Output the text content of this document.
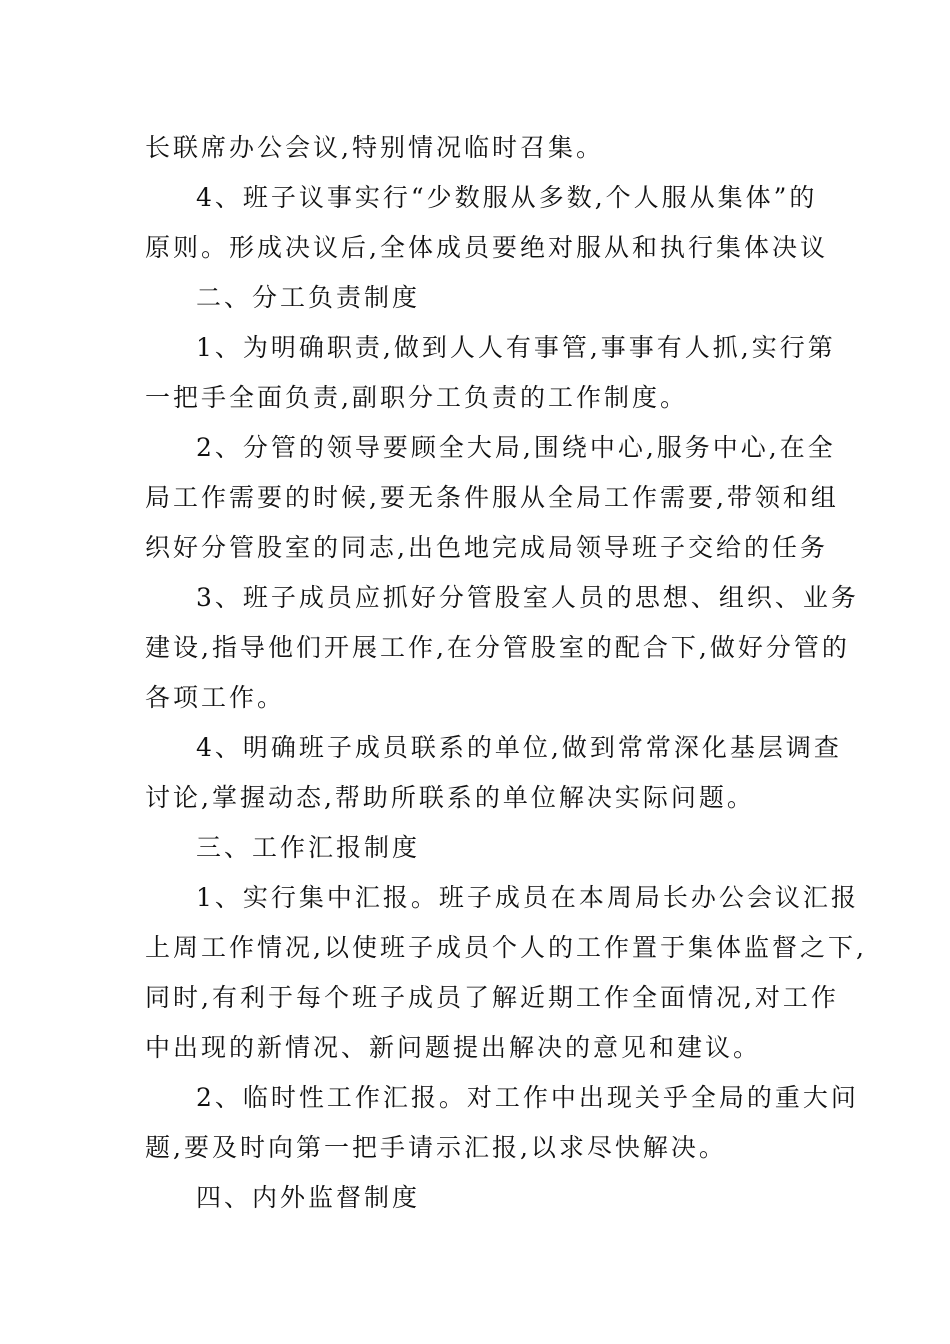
长联席办公会议,特别情况临时召集。
4、班子议事实行“少数服从多数,个人服从集体”的
原则。形成决议后,全体成员要绝对服从和执行集体决议
二、分工负责制度
1、为明确职责,做到人人有事管,事事有人抓,实行第
一把手全面负责,副职分工负责的工作制度。
2、分管的领导要顾全大局,围绕中心,服务中心,在全
局工作需要的时候,要无条件服从全局工作需要,带领和组
织好分管股室的同志,出色地完成局领导班子交给的任务
3、班子成员应抓好分管股室人员的思想、组织、业务
建设,指导他们开展工作,在分管股室的配合下,做好分管的
各项工作。
4、明确班子成员联系的单位,做到常常深化基层调查
讨论,掌握动态,帮助所联系的单位解决实际问题。
三、工作汇报制度
1、实行集中汇报。班子成员在本周局长办公会议汇报
上周工作情况,以使班子成员个人的工作置于集体监督之下,
同时,有利于每个班子成员了解近期工作全面情况,对工作
中出现的新情况、新问题提出解决的意见和建议。
2、临时性工作汇报。对工作中出现关乎全局的重大问
题,要及时向第一把手请示汇报,以求尽快解决。
四、内外监督制度
